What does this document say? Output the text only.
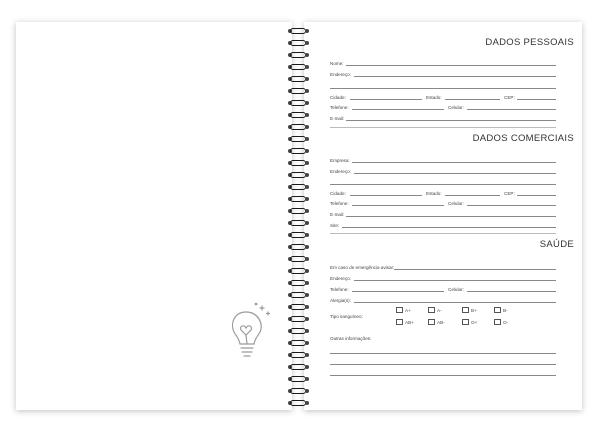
DADOS PESSOAIS
Nome:
Endereço:
Cidade:	Estado:	CEP:
Telefone:	Celular:
E-mail:
DADOS COMERCIAIS
Empresa:
Endereço:
Cidade:	Estado:	CEP:
Telefone:	Celular:
E-mail:
Site:
SAÚDE
Em caso de emergência avisar:
Endereço:
Telefone:	Celular:
Alergia(s):
Tipo sanguíneo:
A+	A-	B+	B-
AB+	AB-	O+	O-
Outras informações:
